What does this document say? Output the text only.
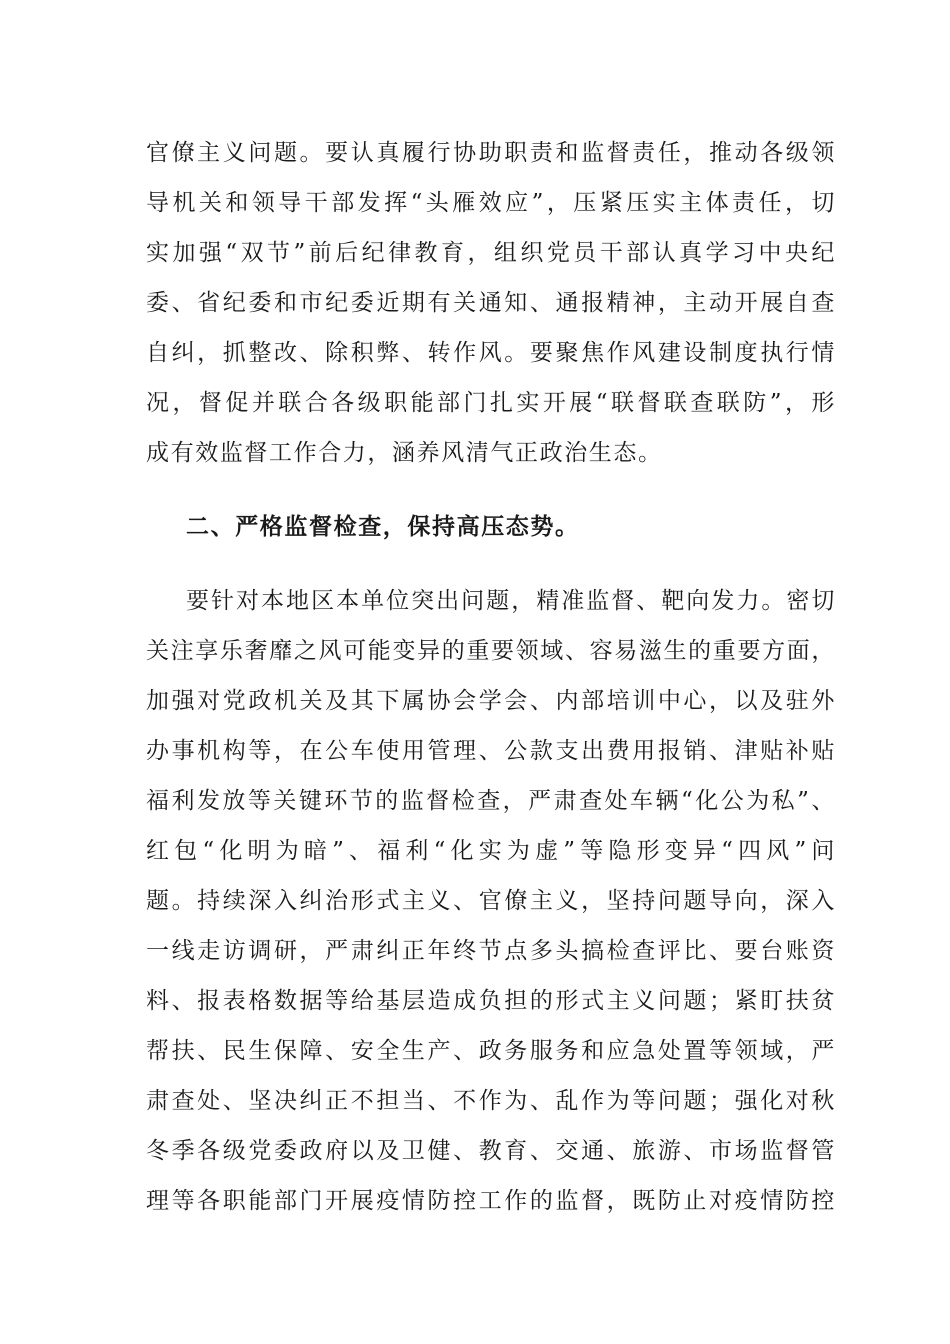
官僚主义问题。要认真履行协助职责和监督责任，推动各级领
导机关和领导干部发挥“头雁效应”，压紧压实主体责任，切
实加强“双节”前后纪律教育，组织党员干部认真学习中央纪
委、省纪委和市纪委近期有关通知、通报精神，主动开展自查
自纠，抓整改、除积弊、转作风。要聚焦作风建设制度执行情
况，督促并联合各级职能部门扎实开展“联督联查联防”，形
成有效监督工作合力，涵养风清气正政治生态。
二、严格监督检查，保持高压态势。
要针对本地区本单位突出问题，精准监督、靶向发力。密切
关注享乐奢靡之风可能变异的重要领域、容易滋生的重要方面，
加强对党政机关及其下属协会学会、内部培训中心，以及驻外
办事机构等，在公车使用管理、公款支出费用报销、津贴补贴
福利发放等关键环节的监督检查，严肃查处车辆“化公为私”、
红包“化明为暗”、福利“化实为虚”等隐形变异“四风”问
题。持续深入纠治形式主义、官僚主义，坚持问题导向，深入
一线走访调研，严肃纠正年终节点多头搞检查评比、要台账资
料、报表格数据等给基层造成负担的形式主义问题；紧盯扶贫
帮扶、民生保障、安全生产、政务服务和应急处置等领域，严
肃查处、坚决纠正不担当、不作为、乱作为等问题；强化对秋
冬季各级党委政府以及卫健、教育、交通、旅游、市场监督管
理等各职能部门开展疫情防控工作的监督，既防止对疫情防控
